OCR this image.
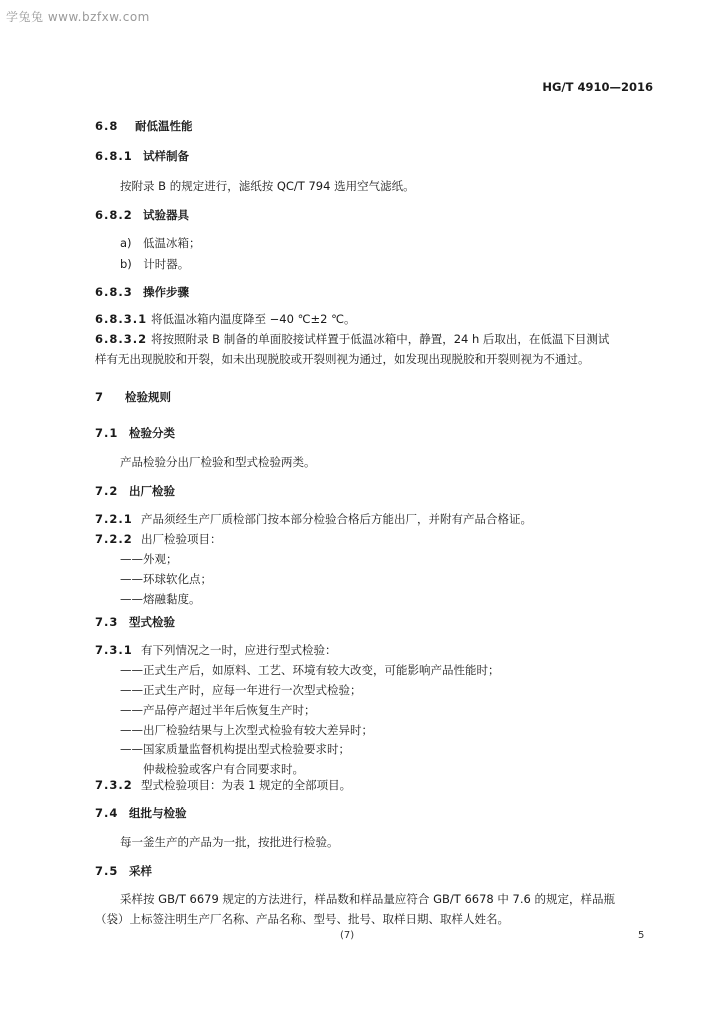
学兔兔 www.bzfxw.com
HG/T 4910—2016
6.8 耐低温性能
6.8.1 试样制备
按附录 B 的规定进行，滤纸按 QC/T 794 选用空气滤纸。
6.8.2 试验器具
a)　低温冰箱；
b)　计时器。
6.8.3 操作步骤
6.8.3.1 将低温冰箱内温度降至 −40 ℃±2 ℃。
6.8.3.2 将按照附录 B 制备的单面胶接试样置于低温冰箱中，静置，24 h 后取出，在低温下目测试
样有无出现脱胶和开裂，如未出现脱胶或开裂则视为通过，如发现出现脱胶和开裂则视为不通过。
7 检验规则
7.1 检验分类
产品检验分出厂检验和型式检验两类。
7.2 出厂检验
7.2.1 产品须经生产厂质检部门按本部分检验合格后方能出厂，并附有产品合格证。
7.2.2 出厂检验项目：
——外观；
——环球软化点；
——熔融黏度。
7.3 型式检验
7.3.1 有下列情况之一时，应进行型式检验：
——正式生产后，如原料、工艺、环境有较大改变，可能影响产品性能时；
——正式生产时，应每一年进行一次型式检验；
——产品停产超过半年后恢复生产时；
——出厂检验结果与上次型式检验有较大差异时；
——国家质量监督机构提出型式检验要求时；
仲裁检验或客户有合同要求时。
7.3.2 型式检验项目：为表 1 规定的全部项目。
7.4 组批与检验
每一釜生产的产品为一批，按批进行检验。
7.5 采样
采样按 GB/T 6679 规定的方法进行，样品数和样品量应符合 GB/T 6678 中 7.6 的规定，样品瓶
（袋）上标签注明生产厂名称、产品名称、型号、批号、取样日期、取样人姓名。
(7)	5
